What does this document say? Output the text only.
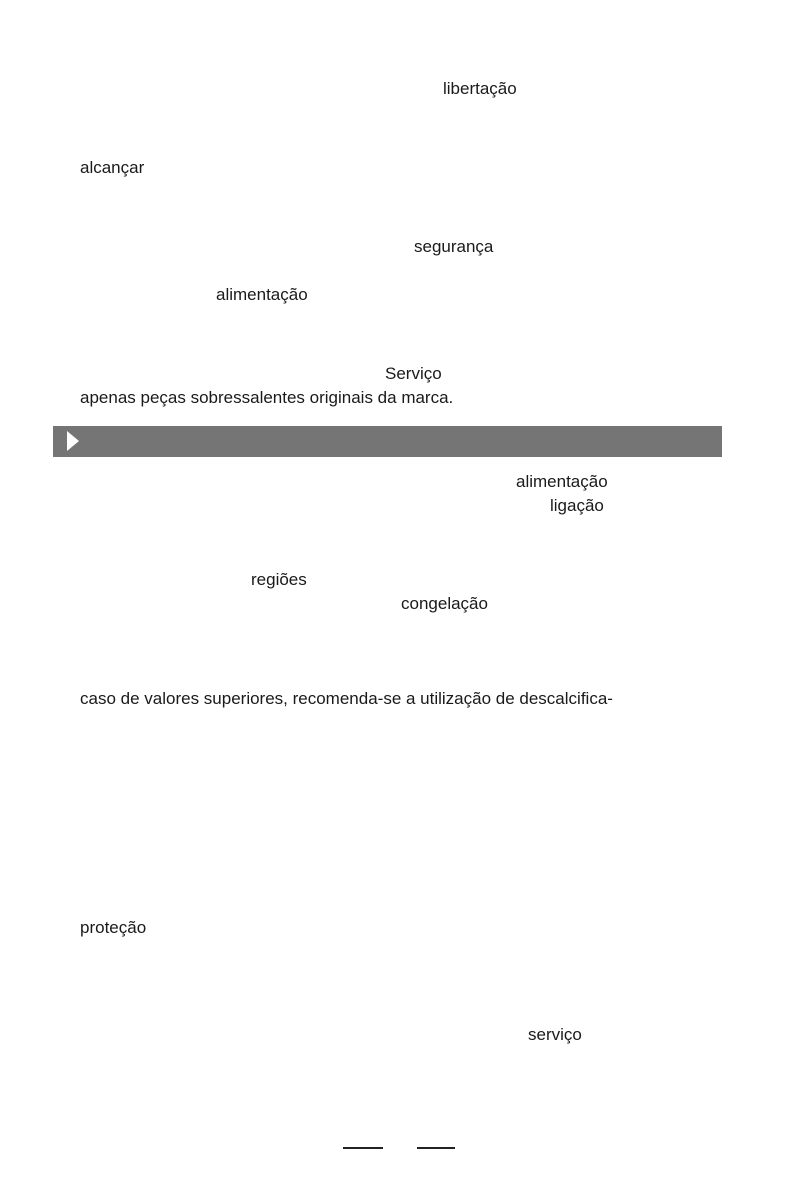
libertação
alcançar
segurança
alimentação
Serviço
apenas peças sobressalentes originais da marca.
alimentação
ligação
regiões
congelação
caso de valores superiores, recomenda-se a utilização de descalcifica-
proteção
serviço
